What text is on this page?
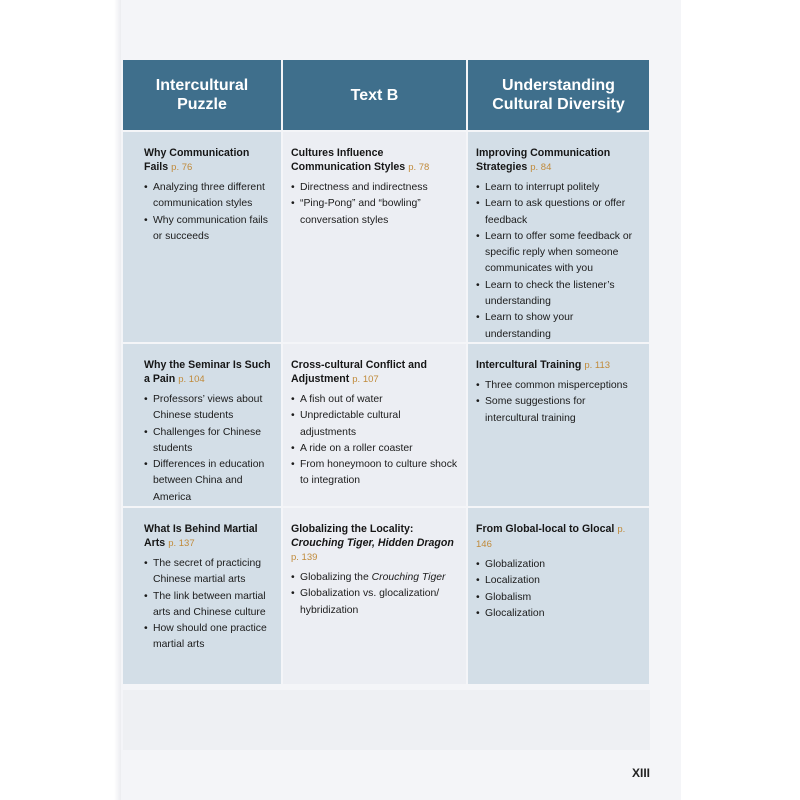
Intercultural Puzzle
Text B
Understanding Cultural Diversity
Why Communication Fails p. 76
• Analyzing three different communication styles
• Why communication fails or succeeds
Cultures Influence Communication Styles p. 78
• Directness and indirectness
• “Ping-Pong” and “bowling” conversation styles
Improving Communication Strategies p. 84
• Learn to interrupt politely
• Learn to ask questions or offer feedback
• Learn to offer some feedback or specific reply when someone communicates with you
• Learn to check the listener’s understanding
• Learn to show your understanding
Why the Seminar Is Such a Pain p. 104
• Professors’ views about Chinese students
• Challenges for Chinese students
• Differences in education between China and America
Cross-cultural Conflict and Adjustment p. 107
• A fish out of water
• Unpredictable cultural adjustments
• A ride on a roller coaster
• From honeymoon to culture shock to integration
Intercultural Training p. 113
• Three common misperceptions
• Some suggestions for intercultural training
What Is Behind Martial Arts p. 137
• The secret of practicing Chinese martial arts
• The link between martial arts and Chinese culture
• How should one practice martial arts
Globalizing the Locality:
Crouching Tiger, Hidden Dragon
p. 139
• Globalizing the Crouching Tiger
• Globalization vs. glocalization/ hybridization
From Global-local to Glocal p. 146
• Globalization
• Localization
• Globalism
• Glocalization
XIII
